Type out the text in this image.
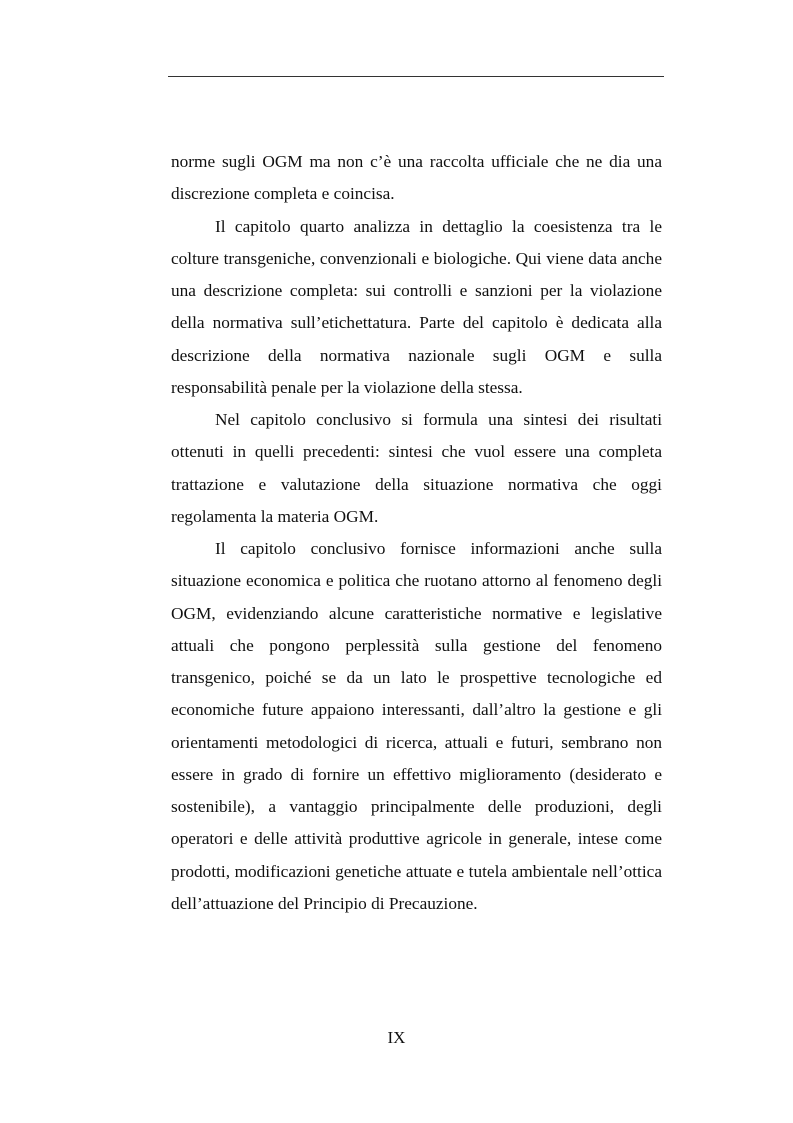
norme sugli OGM ma non c’è una raccolta ufficiale che ne dia una discrezione completa e coincisa.

Il capitolo quarto analizza in dettaglio la coesistenza tra le colture transgeniche, convenzionali e biologiche. Qui viene data anche una descrizione completa: sui controlli e sanzioni per la violazione della normativa sull’etichettatura. Parte del capitolo è dedicata alla descrizione della normativa nazionale sugli OGM e sulla responsabilità penale per la violazione della stessa.

Nel capitolo conclusivo si formula una sintesi dei risultati ottenuti in quelli precedenti: sintesi che vuol essere una completa trattazione e valutazione della situazione normativa che oggi regolamenta la materia OGM.

Il capitolo conclusivo fornisce informazioni anche sulla situazione economica e politica che ruotano attorno al fenomeno degli OGM, evidenziando alcune caratteristiche normative e legislative attuali che pongono perplessità sulla gestione del fenomeno transgenico, poiché se da un lato le prospettive tecnologiche ed economiche future appaiono interessanti, dall’altro la gestione e gli orientamenti metodologici di ricerca, attuali e futuri, sembrano non essere in grado di fornire un effettivo miglioramento (desiderato e sostenibile), a vantaggio principalmente delle produzioni, degli operatori e delle attività produttive agricole in generale, intese come prodotti, modificazioni genetiche attuate e tutela ambientale nell’ottica dell’attuazione del Principio di Precauzione.

IX
